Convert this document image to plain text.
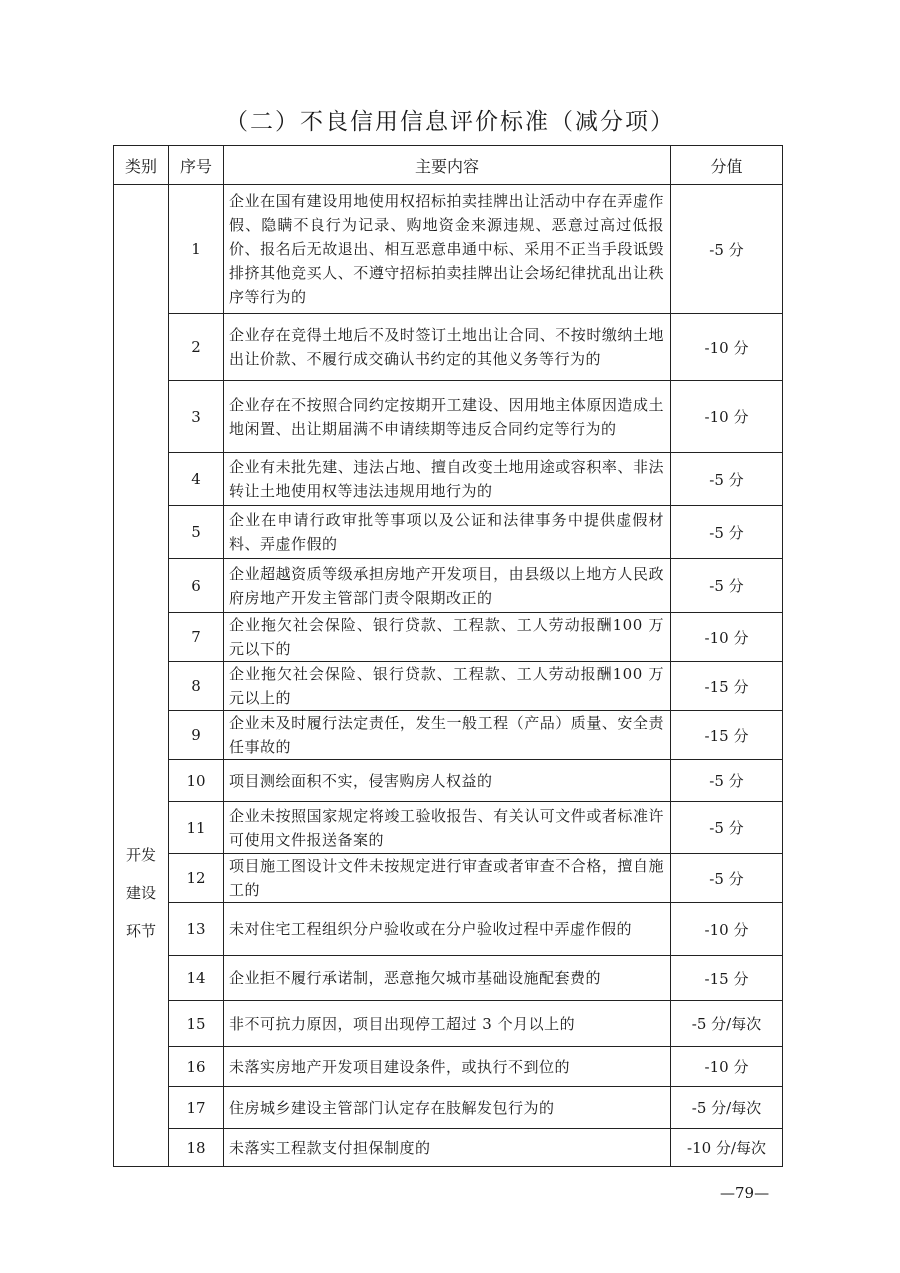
（二）不良信用信息评价标准（减分项）
类别	序号	主要内容	分值

开发
建设
环节	1	企业在国有建设用地使用权招标拍卖挂牌出让活动中存在弄虚作假、隐瞒不良行为记录、购地资金来源违规、恶意过高过低报价、报名后无故退出、相互恶意串通中标、采用不正当手段诋毁排挤其他竞买人、不遵守招标拍卖挂牌出让会场纪律扰乱出让秩序等行为的	-5 分
	2	企业存在竞得土地后不及时签订土地出让合同、不按时缴纳土地出让价款、不履行成交确认书约定的其他义务等行为的	-10 分
	3	企业存在不按照合同约定按期开工建设、因用地主体原因造成土地闲置、出让期届满不申请续期等违反合同约定等行为的	-10 分
	4	企业有未批先建、违法占地、擅自改变土地用途或容积率、非法转让土地使用权等违法违规用地行为的	-5 分
	5	企业在申请行政审批等事项以及公证和法律事务中提供虚假材料、弄虚作假的	-5 分
	6	企业超越资质等级承担房地产开发项目，由县级以上地方人民政府房地产开发主管部门责令限期改正的	-5 分
	7	企业拖欠社会保险、银行贷款、工程款、工人劳动报酬100 万元以下的	-10 分
	8	企业拖欠社会保险、银行贷款、工程款、工人劳动报酬100 万元以上的	-15 分
	9	企业未及时履行法定责任，发生一般工程（产品）质量、安全责任事故的	-15 分
	10	项目测绘面积不实，侵害购房人权益的	-5 分
	11	企业未按照国家规定将竣工验收报告、有关认可文件或者标准许可使用文件报送备案的	-5 分
	12	项目施工图设计文件未按规定进行审查或者审查不合格，擅自施工的	-5 分
	13	未对住宅工程组织分户验收或在分户验收过程中弄虚作假的	-10 分
	14	企业拒不履行承诺制，恶意拖欠城市基础设施配套费的	-15 分
	15	非不可抗力原因，项目出现停工超过 3 个月以上的	-5 分/每次
	16	未落实房地产开发项目建设条件，或执行不到位的	-10 分
	17	住房城乡建设主管部门认定存在肢解发包行为的	-5 分/每次
	18	未落实工程款支付担保制度的	-10 分/每次
—79—
